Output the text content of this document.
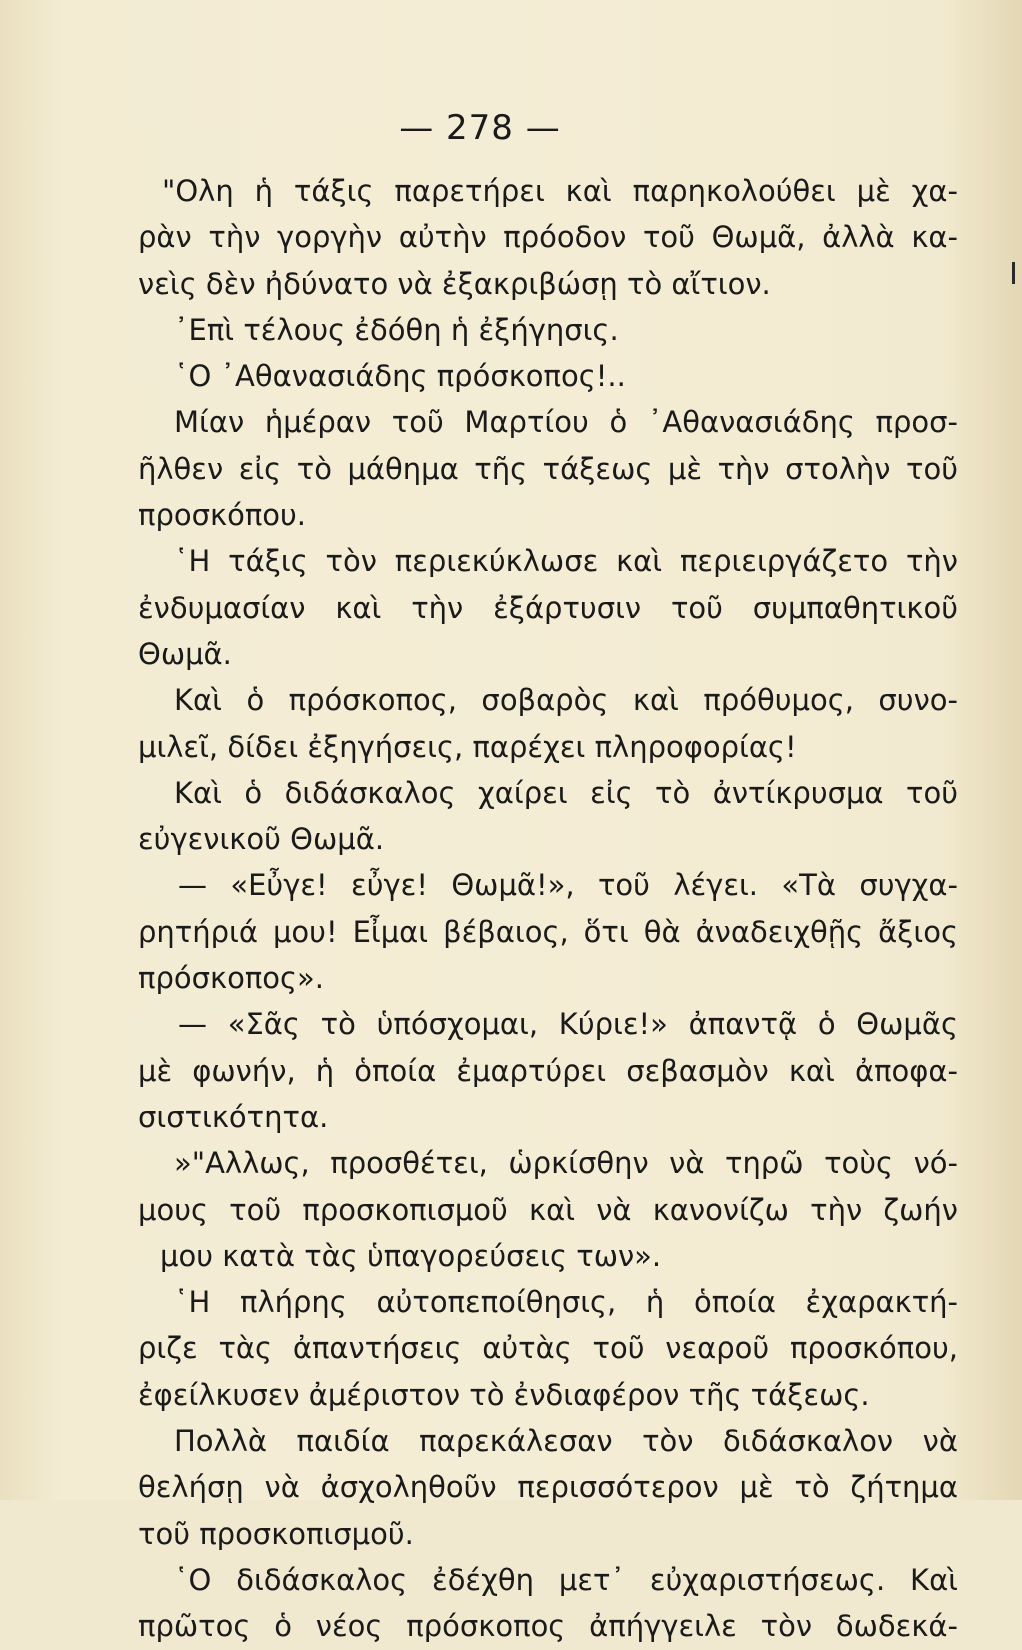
— 278 —
"Ολη ἡ τάξις παρετήρει καὶ παρηκολούθει μὲ χα-
ρὰν τὴν γοργὴν αὐτὴν πρόοδον τοῦ Θωμᾶ, ἀλλὰ κα-
νεὶς δὲν ἠδύνατο νὰ ἐξακριβώσῃ τὸ αἴτιον.
᾿Επὶ τέλους ἐδόθη ἡ ἐξήγησις.
῾Ο ᾿Αθανασιάδης πρόσκοπος!..
Μίαν ἡμέραν τοῦ Μαρτίου ὁ ᾿Αθανασιάδης προσ-
ῆλθεν εἰς τὸ μάθημα τῆς τάξεως μὲ τὴν στολὴν τοῦ
προσκόπου.
῾Η τάξις τὸν περιεκύκλωσε καὶ περιειργάζετο τὴν
ἐνδυμασίαν καὶ τὴν ἐξάρτυσιν τοῦ συμπαθητικοῦ
Θωμᾶ.
Καὶ ὁ πρόσκοπος, σοβαρὸς καὶ πρόθυμος, συνο-
μιλεῖ, δίδει ἐξηγήσεις, παρέχει πληροφορίας!
Καὶ ὁ διδάσκαλος χαίρει εἰς τὸ ἀντίκρυσμα τοῦ
εὐγενικοῦ Θωμᾶ.
— «Εὖγε! εὖγε! Θωμᾶ!», τοῦ λέγει. «Τὰ συγχα-
ρητήριά μου! Εἶμαι βέβαιος, ὅτι θὰ ἀναδειχθῇς ἄξιος
πρόσκοπος».
— «Σᾶς τὸ ὑπόσχομαι, Κύριε!» ἀπαντᾷ ὁ Θωμᾶς
μὲ φωνήν, ἡ ὁποία ἐμαρτύρει σεβασμὸν καὶ ἀποφα-
σιστικότητα.
»"Αλλως, προσθέτει, ὡρκίσθην νὰ τηρῶ τοὺς νό-
μους τοῦ προσκοπισμοῦ καὶ νὰ κανονίζω τὴν ζωήν
μου κατὰ τὰς ὑπαγορεύσεις των».
῾Η πλήρης αὐτοπεποίθησις, ἡ ὁποία ἐχαρακτή-
ριζε τὰς ἀπαντήσεις αὐτὰς τοῦ νεαροῦ προσκόπου,
ἐφείλκυσεν ἀμέριστον τὸ ἐνδιαφέρον τῆς τάξεως.
Πολλὰ παιδία παρεκάλεσαν τὸν διδάσκαλον νὰ
θελήσῃ νὰ ἀσχοληθοῦν περισσότερον μὲ τὸ ζήτημα
τοῦ προσκοπισμοῦ.
῾Ο διδάσκαλος ἐδέχθη μετ᾿ εὐχαριστήσεως. Καὶ
πρῶτος ὁ νέος πρόσκοπος ἀπήγγειλε τὸν δωδεκά-
